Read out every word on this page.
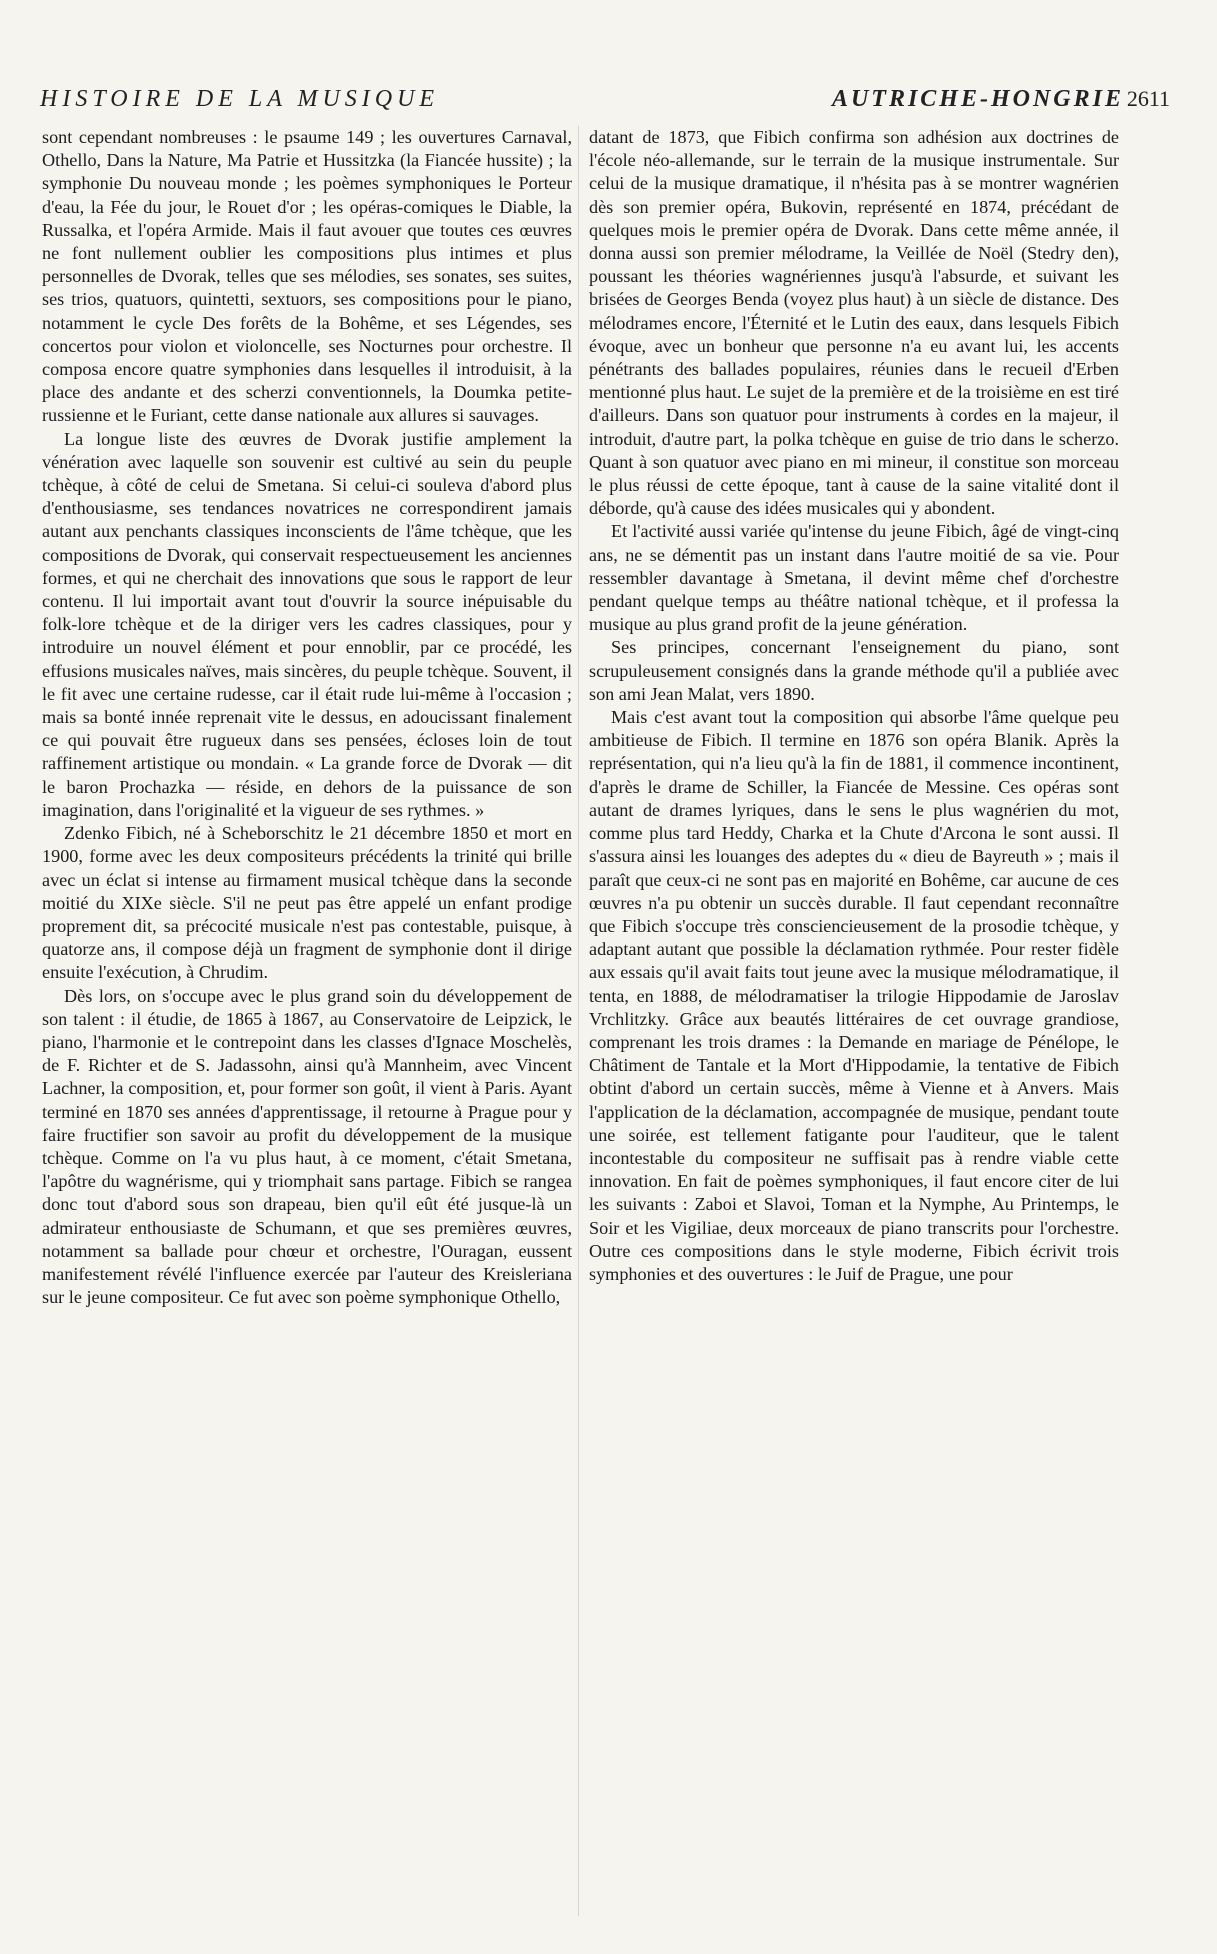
HISTOIRE DE LA MUSIQUE	AUTRICHE-HONGRIE 2611

sont cependant nombreuses : le psaume 149 ; les ouvertures Carnaval, Othello, Dans la Nature, Ma Patrie et Hussitzka (la Fiancée hussite) ; la symphonie Du nouveau monde ; les poèmes symphoniques le Porteur d'eau, la Fée du jour, le Rouet d'or ; les opéras-comiques le Diable, la Russalka, et l'opéra Armide. Mais il faut avouer que toutes ces œuvres ne font nullement oublier les compositions plus intimes et plus personnelles de Dvorak, telles que ses mélodies, ses sonates, ses suites, ses trios, quatuors, quintetti, sextuors, ses compositions pour le piano, notamment le cycle Des forêts de la Bohême, et ses Légendes, ses concertos pour violon et violoncelle, ses Nocturnes pour orchestre. Il composa encore quatre symphonies dans lesquelles il introduisit, à la place des andante et des scherzi conventionnels, la Doumka petite-russienne et le Furiant, cette danse nationale aux allures si sauvages.

La longue liste des œuvres de Dvorak justifie amplement la vénération avec laquelle son souvenir est cultivé au sein du peuple tchèque, à côté de celui de Smetana. Si celui-ci souleva d'abord plus d'enthousiasme, ses tendances novatrices ne correspondirent jamais autant aux penchants classiques inconscients de l'âme tchèque, que les compositions de Dvorak, qui conservait respectueusement les anciennes formes, et qui ne cherchait des innovations que sous le rapport de leur contenu. Il lui importait avant tout d'ouvrir la source inépuisable du folk-lore tchèque et de la diriger vers les cadres classiques, pour y introduire un nouvel élément et pour ennoblir, par ce procédé, les effusions musicales naïves, mais sincères, du peuple tchèque. Souvent, il le fit avec une certaine rudesse, car il était rude lui-même à l'occasion ; mais sa bonté innée reprenait vite le dessus, en adoucissant finalement ce qui pouvait être rugueux dans ses pensées, écloses loin de tout raffinement artistique ou mondain. « La grande force de Dvorak — dit le baron Prochazka — réside, en dehors de la puissance de son imagination, dans l'originalité et la vigueur de ses rythmes. »

Zdenko Fibich, né à Scheborschitz le 21 décembre 1850 et mort en 1900, forme avec les deux compositeurs précédents la trinité qui brille avec un éclat si intense au firmament musical tchèque dans la seconde moitié du XIXe siècle. S'il ne peut pas être appelé un enfant prodige proprement dit, sa précocité musicale n'est pas contestable, puisque, à quatorze ans, il compose déjà un fragment de symphonie dont il dirige ensuite l'exécution, à Chrudim.

Dès lors, on s'occupe avec le plus grand soin du développement de son talent : il étudie, de 1865 à 1867, au Conservatoire de Leipzick, le piano, l'harmonie et le contrepoint dans les classes d'Ignace Moschelès, de F. Richter et de S. Jadassohn, ainsi qu'à Mannheim, avec Vincent Lachner, la composition, et, pour former son goût, il vient à Paris. Ayant terminé en 1870 ses années d'apprentissage, il retourne à Prague pour y faire fructifier son savoir au profit du développement de la musique tchèque. Comme on l'a vu plus haut, à ce moment, c'était Smetana, l'apôtre du wagnérisme, qui y triomphait sans partage. Fibich se rangea donc tout d'abord sous son drapeau, bien qu'il eût été jusque-là un admirateur enthousiaste de Schumann, et que ses premières œuvres, notamment sa ballade pour chœur et orchestre, l'Ouragan, eussent manifestement révélé l'influence exercée par l'auteur des Kreisleriana sur le jeune compositeur. Ce fut avec son poème symphonique Othello,

datant de 1873, que Fibich confirma son adhésion aux doctrines de l'école néo-allemande, sur le terrain de la musique instrumentale. Sur celui de la musique dramatique, il n'hésita pas à se montrer wagnérien dès son premier opéra, Bukovin, représenté en 1874, précédant de quelques mois le premier opéra de Dvorak. Dans cette même année, il donna aussi son premier mélodrame, la Veillée de Noël (Stedry den), poussant les théories wagnériennes jusqu'à l'absurde, et suivant les brisées de Georges Benda (voyez plus haut) à un siècle de distance. Des mélodrames encore, l'Éternité et le Lutin des eaux, dans lesquels Fibich évoque, avec un bonheur que personne n'a eu avant lui, les accents pénétrants des ballades populaires, réunies dans le recueil d'Erben mentionné plus haut. Le sujet de la première et de la troisième en est tiré d'ailleurs. Dans son quatuor pour instruments à cordes en la majeur, il introduit, d'autre part, la polka tchèque en guise de trio dans le scherzo. Quant à son quatuor avec piano en mi mineur, il constitue son morceau le plus réussi de cette époque, tant à cause de la saine vitalité dont il déborde, qu'à cause des idées musicales qui y abondent.

Et l'activité aussi variée qu'intense du jeune Fibich, âgé de vingt-cinq ans, ne se démentit pas un instant dans l'autre moitié de sa vie. Pour ressembler davantage à Smetana, il devint même chef d'orchestre pendant quelque temps au théâtre national tchèque, et il professa la musique au plus grand profit de la jeune génération.

Ses principes, concernant l'enseignement du piano, sont scrupuleusement consignés dans la grande méthode qu'il a publiée avec son ami Jean Malat, vers 1890.

Mais c'est avant tout la composition qui absorbe l'âme quelque peu ambitieuse de Fibich. Il termine en 1876 son opéra Blanik. Après la représentation, qui n'a lieu qu'à la fin de 1881, il commence incontinent, d'après le drame de Schiller, la Fiancée de Messine. Ces opéras sont autant de drames lyriques, dans le sens le plus wagnérien du mot, comme plus tard Heddy, Charka et la Chute d'Arcona le sont aussi. Il s'assura ainsi les louanges des adeptes du « dieu de Bayreuth » ; mais il paraît que ceux-ci ne sont pas en majorité en Bohême, car aucune de ces œuvres n'a pu obtenir un succès durable. Il faut cependant reconnaître que Fibich s'occupe très consciencieusement de la prosodie tchèque, y adaptant autant que possible la déclamation rythmée. Pour rester fidèle aux essais qu'il avait faits tout jeune avec la musique mélodramatique, il tenta, en 1888, de mélodramatiser la trilogie Hippodamie de Jaroslav Vrchlitzky. Grâce aux beautés littéraires de cet ouvrage grandiose, comprenant les trois drames : la Demande en mariage de Pénélope, le Châtiment de Tantale et la Mort d'Hippodamie, la tentative de Fibich obtint d'abord un certain succès, même à Vienne et à Anvers. Mais l'application de la déclamation, accompagnée de musique, pendant toute une soirée, est tellement fatigante pour l'auditeur, que le talent incontestable du compositeur ne suffisait pas à rendre viable cette innovation. En fait de poèmes symphoniques, il faut encore citer de lui les suivants : Zaboi et Slavoi, Toman et la Nymphe, Au Printemps, le Soir et les Vigiliae, deux morceaux de piano transcrits pour l'orchestre. Outre ces compositions dans le style moderne, Fibich écrivit trois symphonies et des ouvertures : le Juif de Prague, une pour
